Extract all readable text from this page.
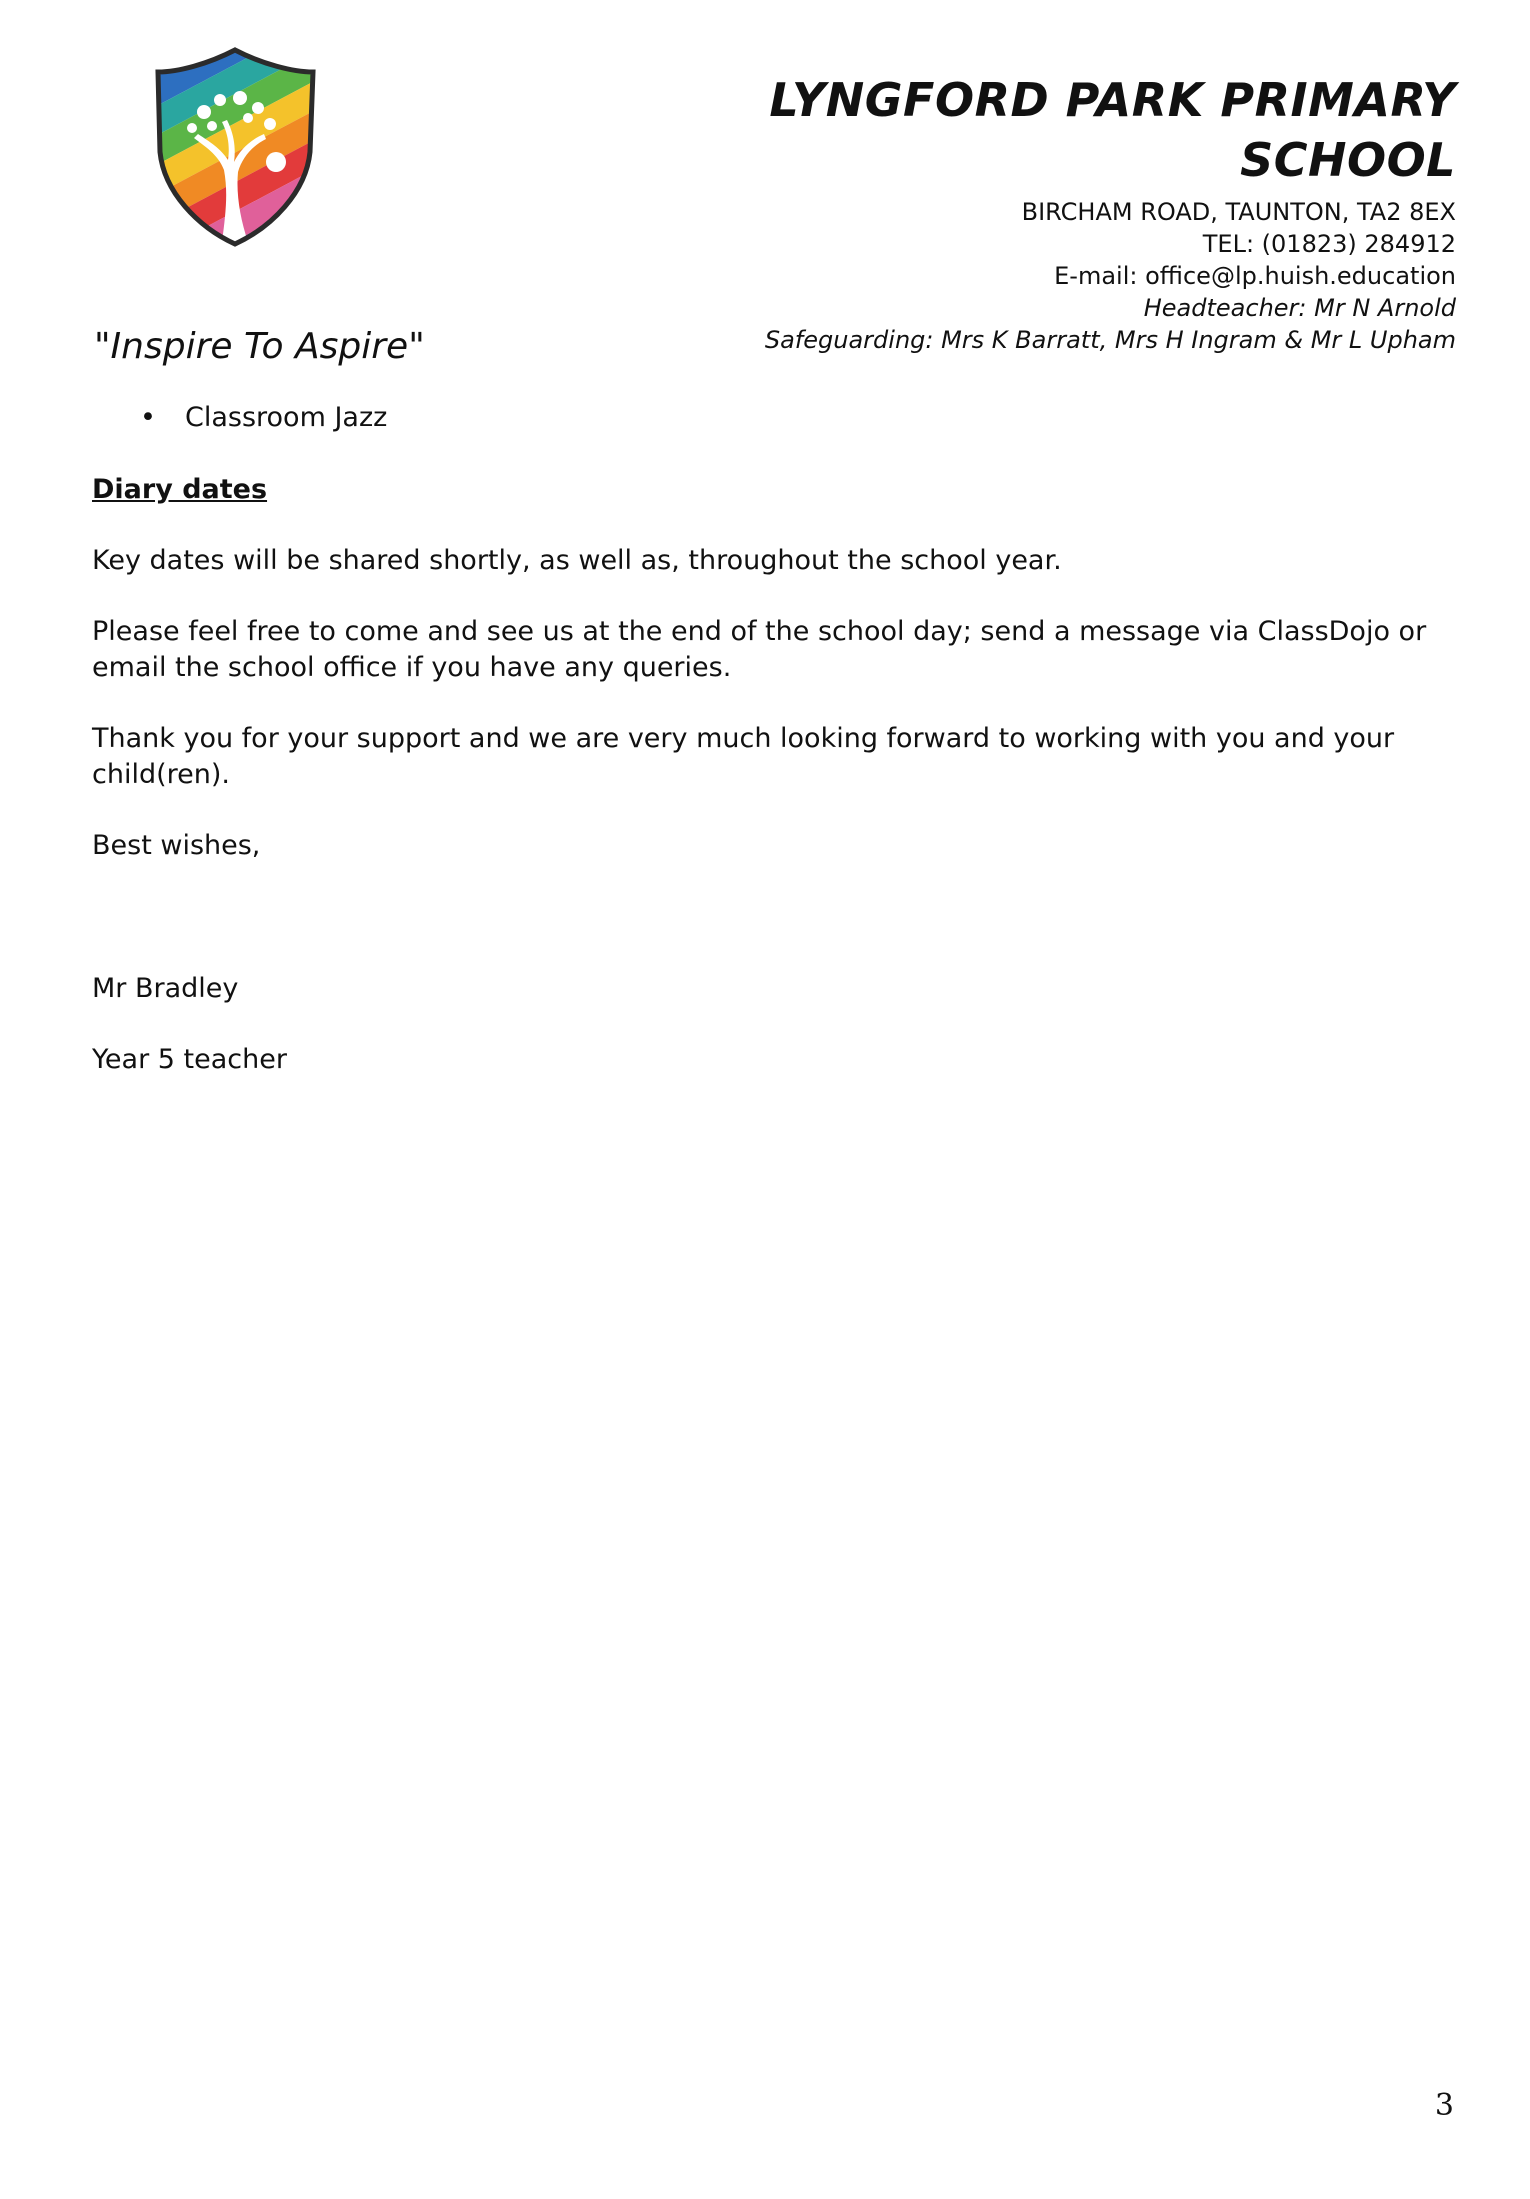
LYNGFORD PARK PRIMARY SCHOOL

BIRCHAM ROAD, TAUNTON, TA2 8EX

TEL: (01823) 284912

E-mail: office@lp.huish.education

Headteacher: Mr N Arnold

Safeguarding: Mrs K Barratt, Mrs H Ingram & Mr L Upham

"Inspire To Aspire"

• Classroom Jazz

Diary dates

Key dates will be shared shortly, as well as, throughout the school year.

Please feel free to come and see us at the end of the school day; send a message via ClassDojo or email the school office if you have any queries.

Thank you for your support and we are very much looking forward to working with you and your child(ren).

Best wishes,

Mr Bradley

Year 5 teacher

3
